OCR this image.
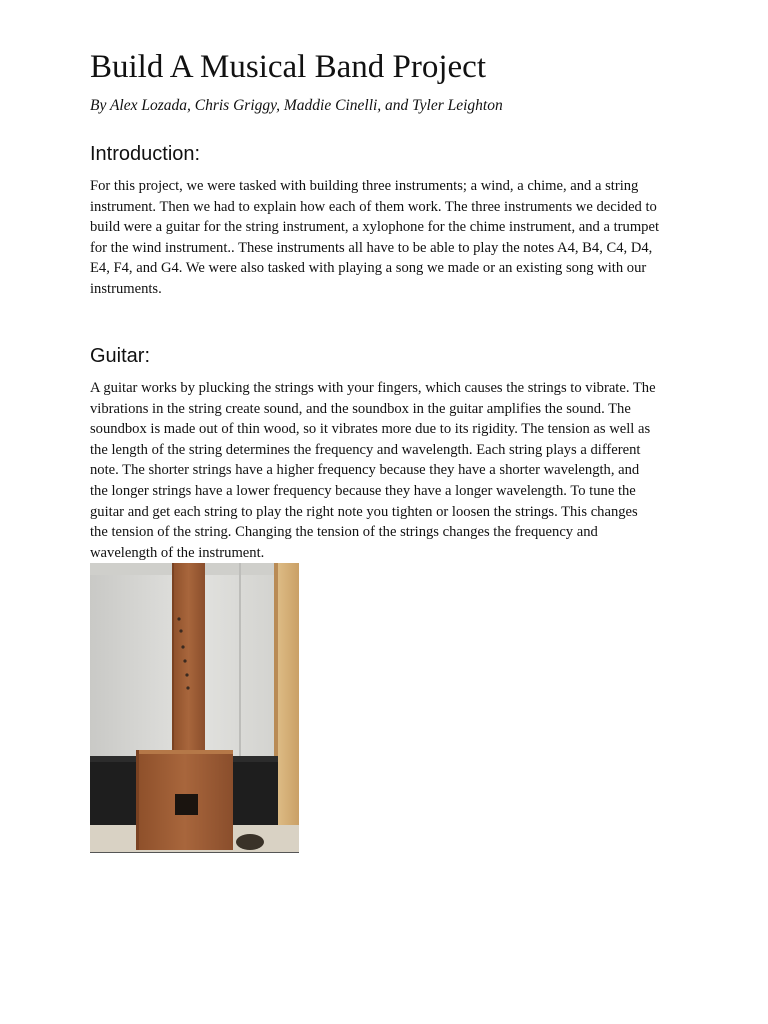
Build A Musical Band Project

By Alex Lozada, Chris Griggy, Maddie Cinelli, and Tyler Leighton

Introduction:

For this project, we were tasked with building three instruments; a wind, a chime, and a string
instrument. Then we had to explain how each of them work. The three instruments we decided to
build were a guitar for the string instrument, a xylophone for the chime instrument, and a trumpet
for the wind instrument.. These instruments all have to be able to play the notes A4, B4, C4, D4,
E4, F4, and G4. We were also tasked with playing a song we made or an existing song with our
instruments.

Guitar:

A guitar works by plucking the strings with your fingers, which causes the strings to vibrate. The
vibrations in the string create sound, and the soundbox in the guitar amplifies the sound. The
soundbox is made out of thin wood, so it vibrates more due to its rigidity. The tension as well as
the length of the string determines the frequency and wavelength. Each string plays a different
note. The shorter strings have a higher frequency because they have a shorter wavelength, and
the longer strings have a lower frequency because they have a longer wavelength. To tune the
guitar and get each string to play the right note you tighten or loosen the strings. This changes
the tension of the string. Changing the tension of the strings changes the frequency and
wavelength of the instrument.
